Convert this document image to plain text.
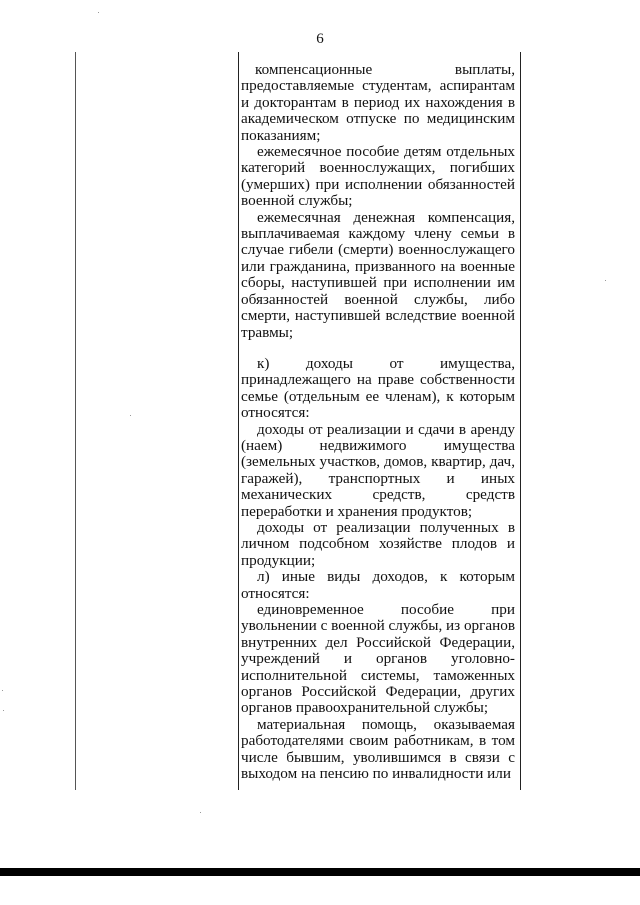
6

компенсационные выплаты, предоставляемые студентам, аспирантам и докторантам в период их нахождения в академическом отпуске по медицинским показаниям;

ежемесячное пособие детям отдельных категорий военнослужащих, погибших (умерших) при исполнении обязанностей военной службы;

ежемесячная денежная компенсация, выплачиваемая каждому члену семьи в случае гибели (смерти) военнослужащего или гражданина, призванного на военные сборы, наступившей при исполнении им обязанностей военной службы, либо смерти, наступившей вследствие военной травмы;

к) доходы от имущества, принадлежащего на праве собственности семье (отдельным ее членам), к которым относятся:

доходы от реализации и сдачи в аренду (наем) недвижимого имущества (земельных участков, домов, квартир, дач, гаражей), транспортных и иных механических средств, средств переработки и хранения продуктов;

доходы от реализации полученных в личном подсобном хозяйстве плодов и продукции;

л) иные виды доходов, к которым относятся:

единовременное пособие при увольнении с военной службы, из органов внутренних дел Российской Федерации, учреждений и органов уголовно-исполнительной системы, таможенных органов Российской Федерации, других органов правоохранительной службы;

материальная помощь, оказываемая работодателями своим работникам, в том числе бывшим, уволившимся в связи с выходом на пенсию по инвалидности или
